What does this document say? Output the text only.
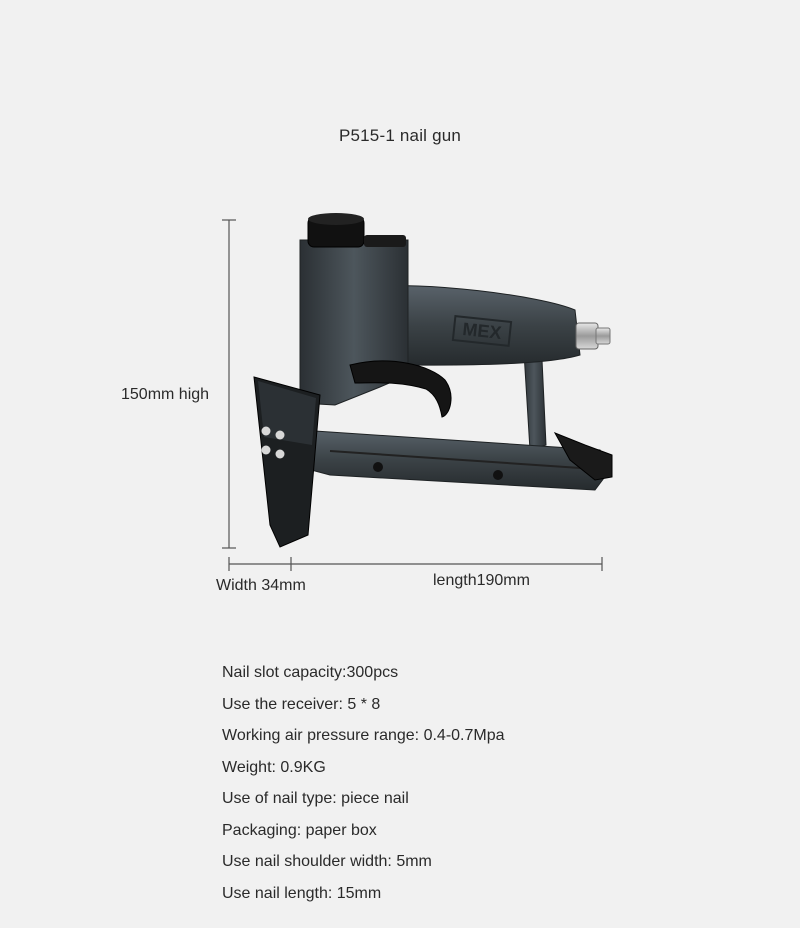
P515-1 nail gun
150mm high
Width 34mm	length190mm
MEX
Nail slot capacity:300pcs
Use the receiver: 5 * 8
Working air pressure range: 0.4-0.7Mpa
Weight: 0.9KG
Use of nail type: piece nail
Packaging: paper box
Use nail shoulder width: 5mm
Use nail length: 15mm
